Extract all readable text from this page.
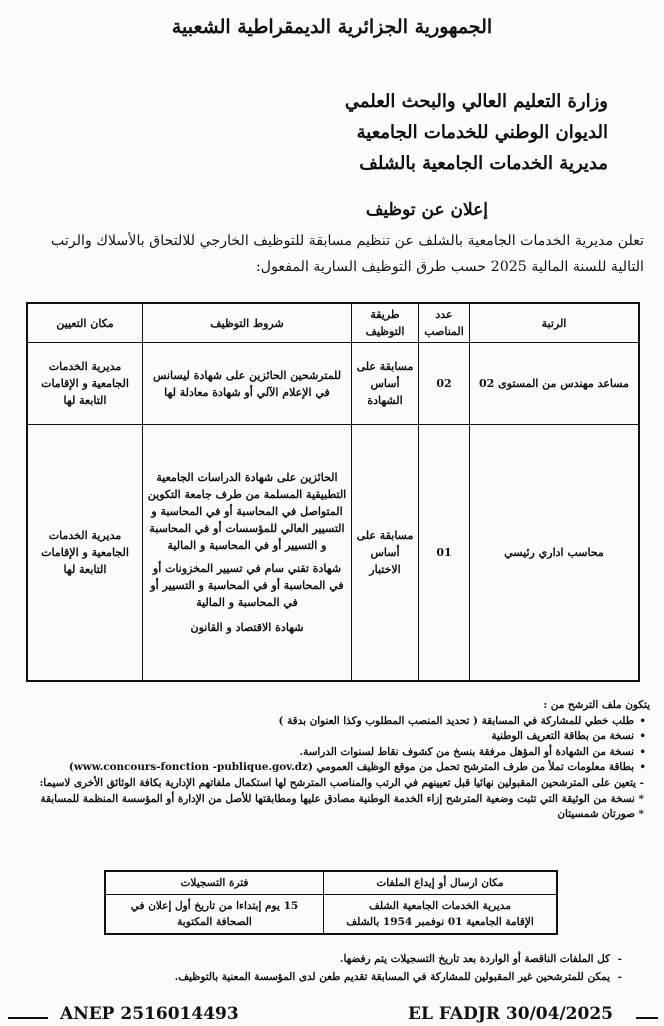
الجمهورية الجزائرية الديمقراطية الشعبية
وزارة التعليم العالي والبحث العلمي
الديوان الوطني للخدمات الجامعية
مديرية الخدمات الجامعية بالشلف
إعلان عن توظيف
تعلن مديرية الخدمات الجامعية بالشلف عن تنظيم مسابقة للتوظيف الخارجي للالتحاق بالأسلاك والرتب
التالية للسنة المالية 2025 حسب طرق التوظيف السارية المفعول:
الرتبة	عدد المناصب	طريقة التوظيف	شروط التوظيف	مكان التعيين
مساعد مهندس من المستوى 02	02	مسابقة على أساس الشهادة	للمترشحين الحائزين على شهادة ليسانس في الإعلام الآلي أو شهادة معادلة لها	مديرية الخدمات الجامعية و الإقامات التابعة لها
محاسب اداري رئيسي	01	مسابقة على أساس الاختبار	الحائزين على شهادة الدراسات الجامعية التطبيقية المسلمة من طرف جامعة التكوين المتواصل في المحاسبة أو في المحاسبة و التسيير العالي للمؤسسات أو في المحاسبة و التسيير أو في المحاسبة و المالية
شهادة تقني سام في تسيير المخزونات أو في المحاسبة أو في المحاسبة و التسيير أو في المحاسبة و المالية
شهادة الاقتصاد و القانون	مديرية الخدمات الجامعية و الإقامات التابعة لها
يتكون ملف الترشح من :
• طلب خطي للمشاركة في المسابقة ( تحديد المنصب المطلوب وكذا العنوان بدقة )
• نسخة من بطاقة التعريف الوطنية
• نسخة من الشهادة أو المؤهل مرفقة بنسخ من كشوف نقاط لسنوات الدراسة.
• بطاقة معلومات تملأ من طرف المترشح تحمل من موقع الوظيف العمومي (www.concours-fonction -publique.gov.dz)
- يتعين على المترشحين المقبولين نهائيا قبل تعيينهم في الرتب والمناصب المترشح لها استكمال ملفاتهم الإدارية بكافة الوثائق الأخرى لاسيما:
* نسخة من الوثيقة التي تثبت وضعية المترشح إزاء الخدمة الوطنية مصادق عليها ومطابقتها للأصل من الإدارة أو المؤسسة المنظمة للمسابقة
* صورتان شمسيتان
مكان ارسال أو إيداع الملفات	فترة التسجيلات

مديرية الخدمات الجامعية الشلف
الإقامة الجامعية 01 نوفمبر 1954 بالشلف	15 يوم إبتداءا من تاريخ أول إعلان في الصحافة المكتوبة
- كل الملفات الناقصة أو الواردة بعد تاريخ التسجيلات يتم رفضها.
- يمكن للمترشحين غير المقبولين للمشاركة في المسابقة تقديم طعن لدى المؤسسة المعنية بالتوظيف.
ANEP 2516014493	EL FADJR 30/04/2025
